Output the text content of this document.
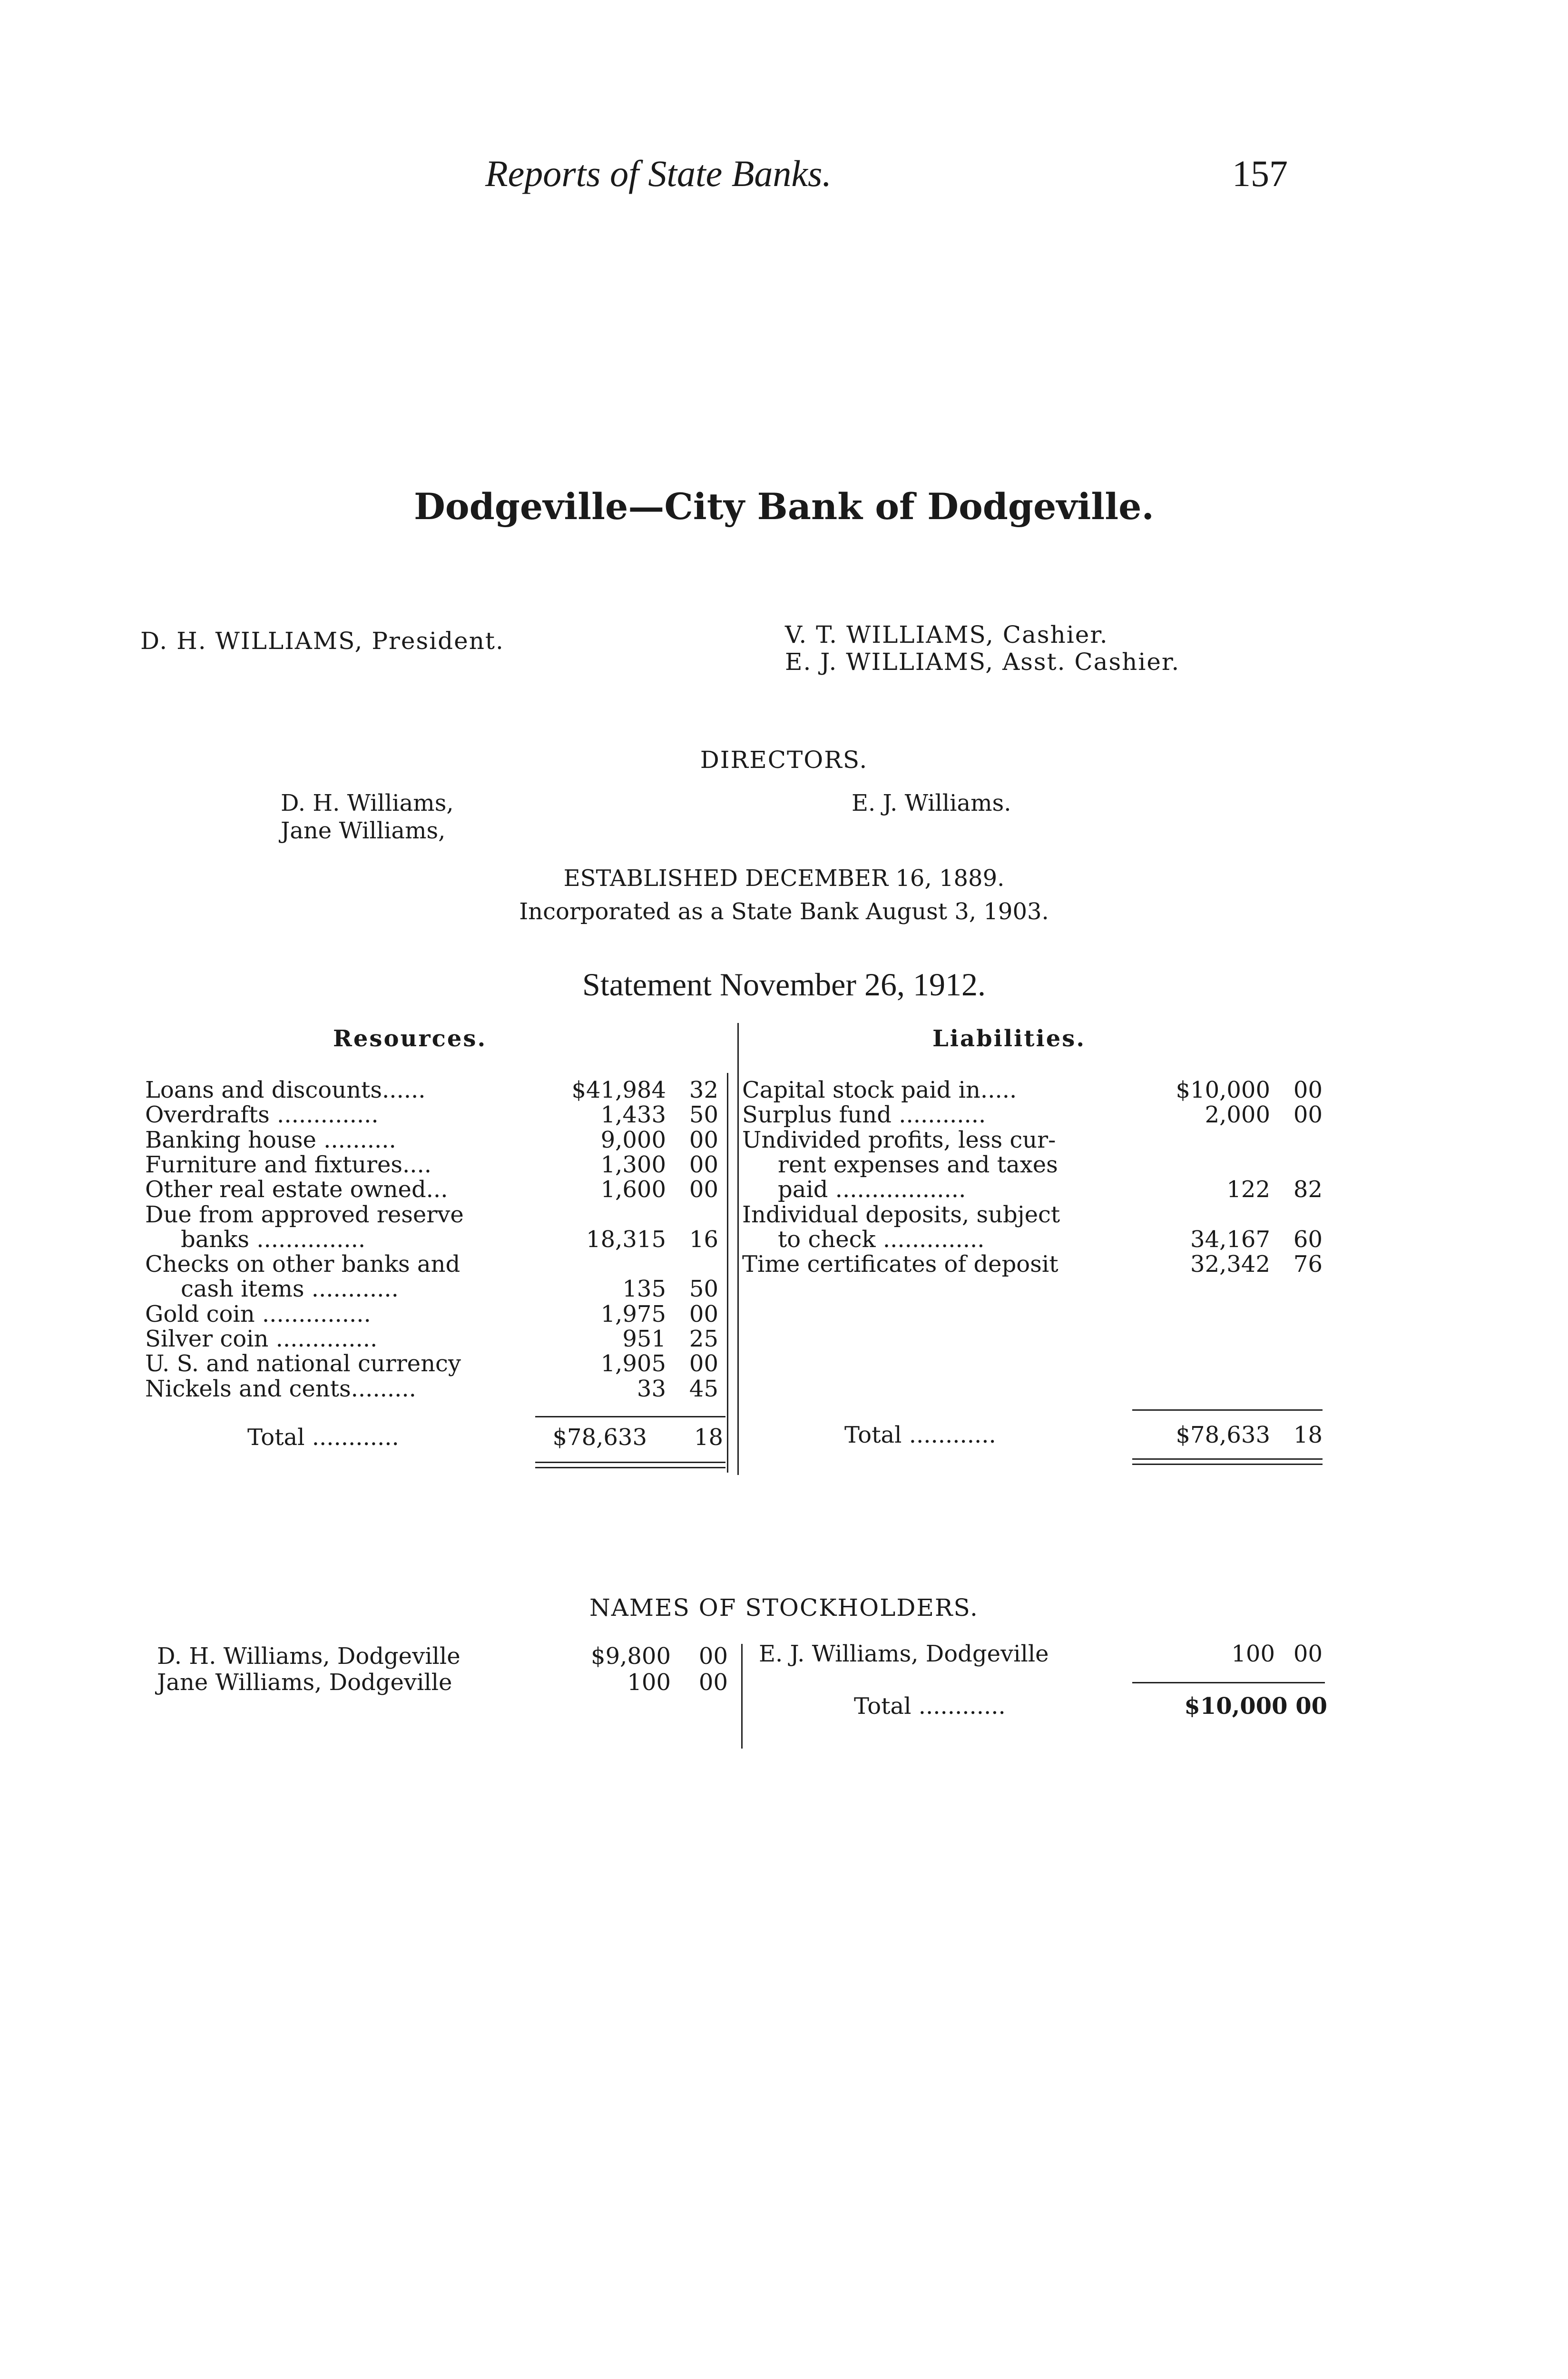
Reports of State Banks.	157
Dodgeville—City Bank of Dodgeville.
D. H. WILLIAMS, President.	V. T. WILLIAMS, Cashier.
E. J. WILLIAMS, Asst. Cashier.
DIRECTORS.
D. H. Williams,
Jane Williams,
E. J. Williams.
ESTABLISHED DECEMBER 16, 1889.
Incorporated as a State Bank August 3, 1903.
Statement November 26, 1912.
Resources.	Liabilities.
Loans and discounts......	$41,984	32
Overdrafts ..............	1,433	50
Banking house ..........	9,000	00
Furniture and fixtures....	1,300	00
Other real estate owned...	1,600	00
Due from approved reserve
banks ...............	18,315	16
Checks on other banks and
cash items ............	135	50
Gold coin ...............	1,975	00
Silver coin ..............	951	25
U. S. and national currency	1,905	00
Nickels and cents.........	33	45
Capital stock paid in.....	$10,000	00
Surplus fund ............	2,000	00
Undivided profits, less cur-
rent expenses and taxes
paid ..................	122	82
Individual deposits, subject
to check ..............	34,167	60
Time certificates of deposit	32,342	76
Total ............	$78,633	18	Total ............	$78,633	18
NAMES OF STOCKHOLDERS.
D. H. Williams, Dodgeville	$9,800	00
Jane Williams, Dodgeville	100	00
E. J. Williams, Dodgeville	100 00
Total ............	$10,000 00
